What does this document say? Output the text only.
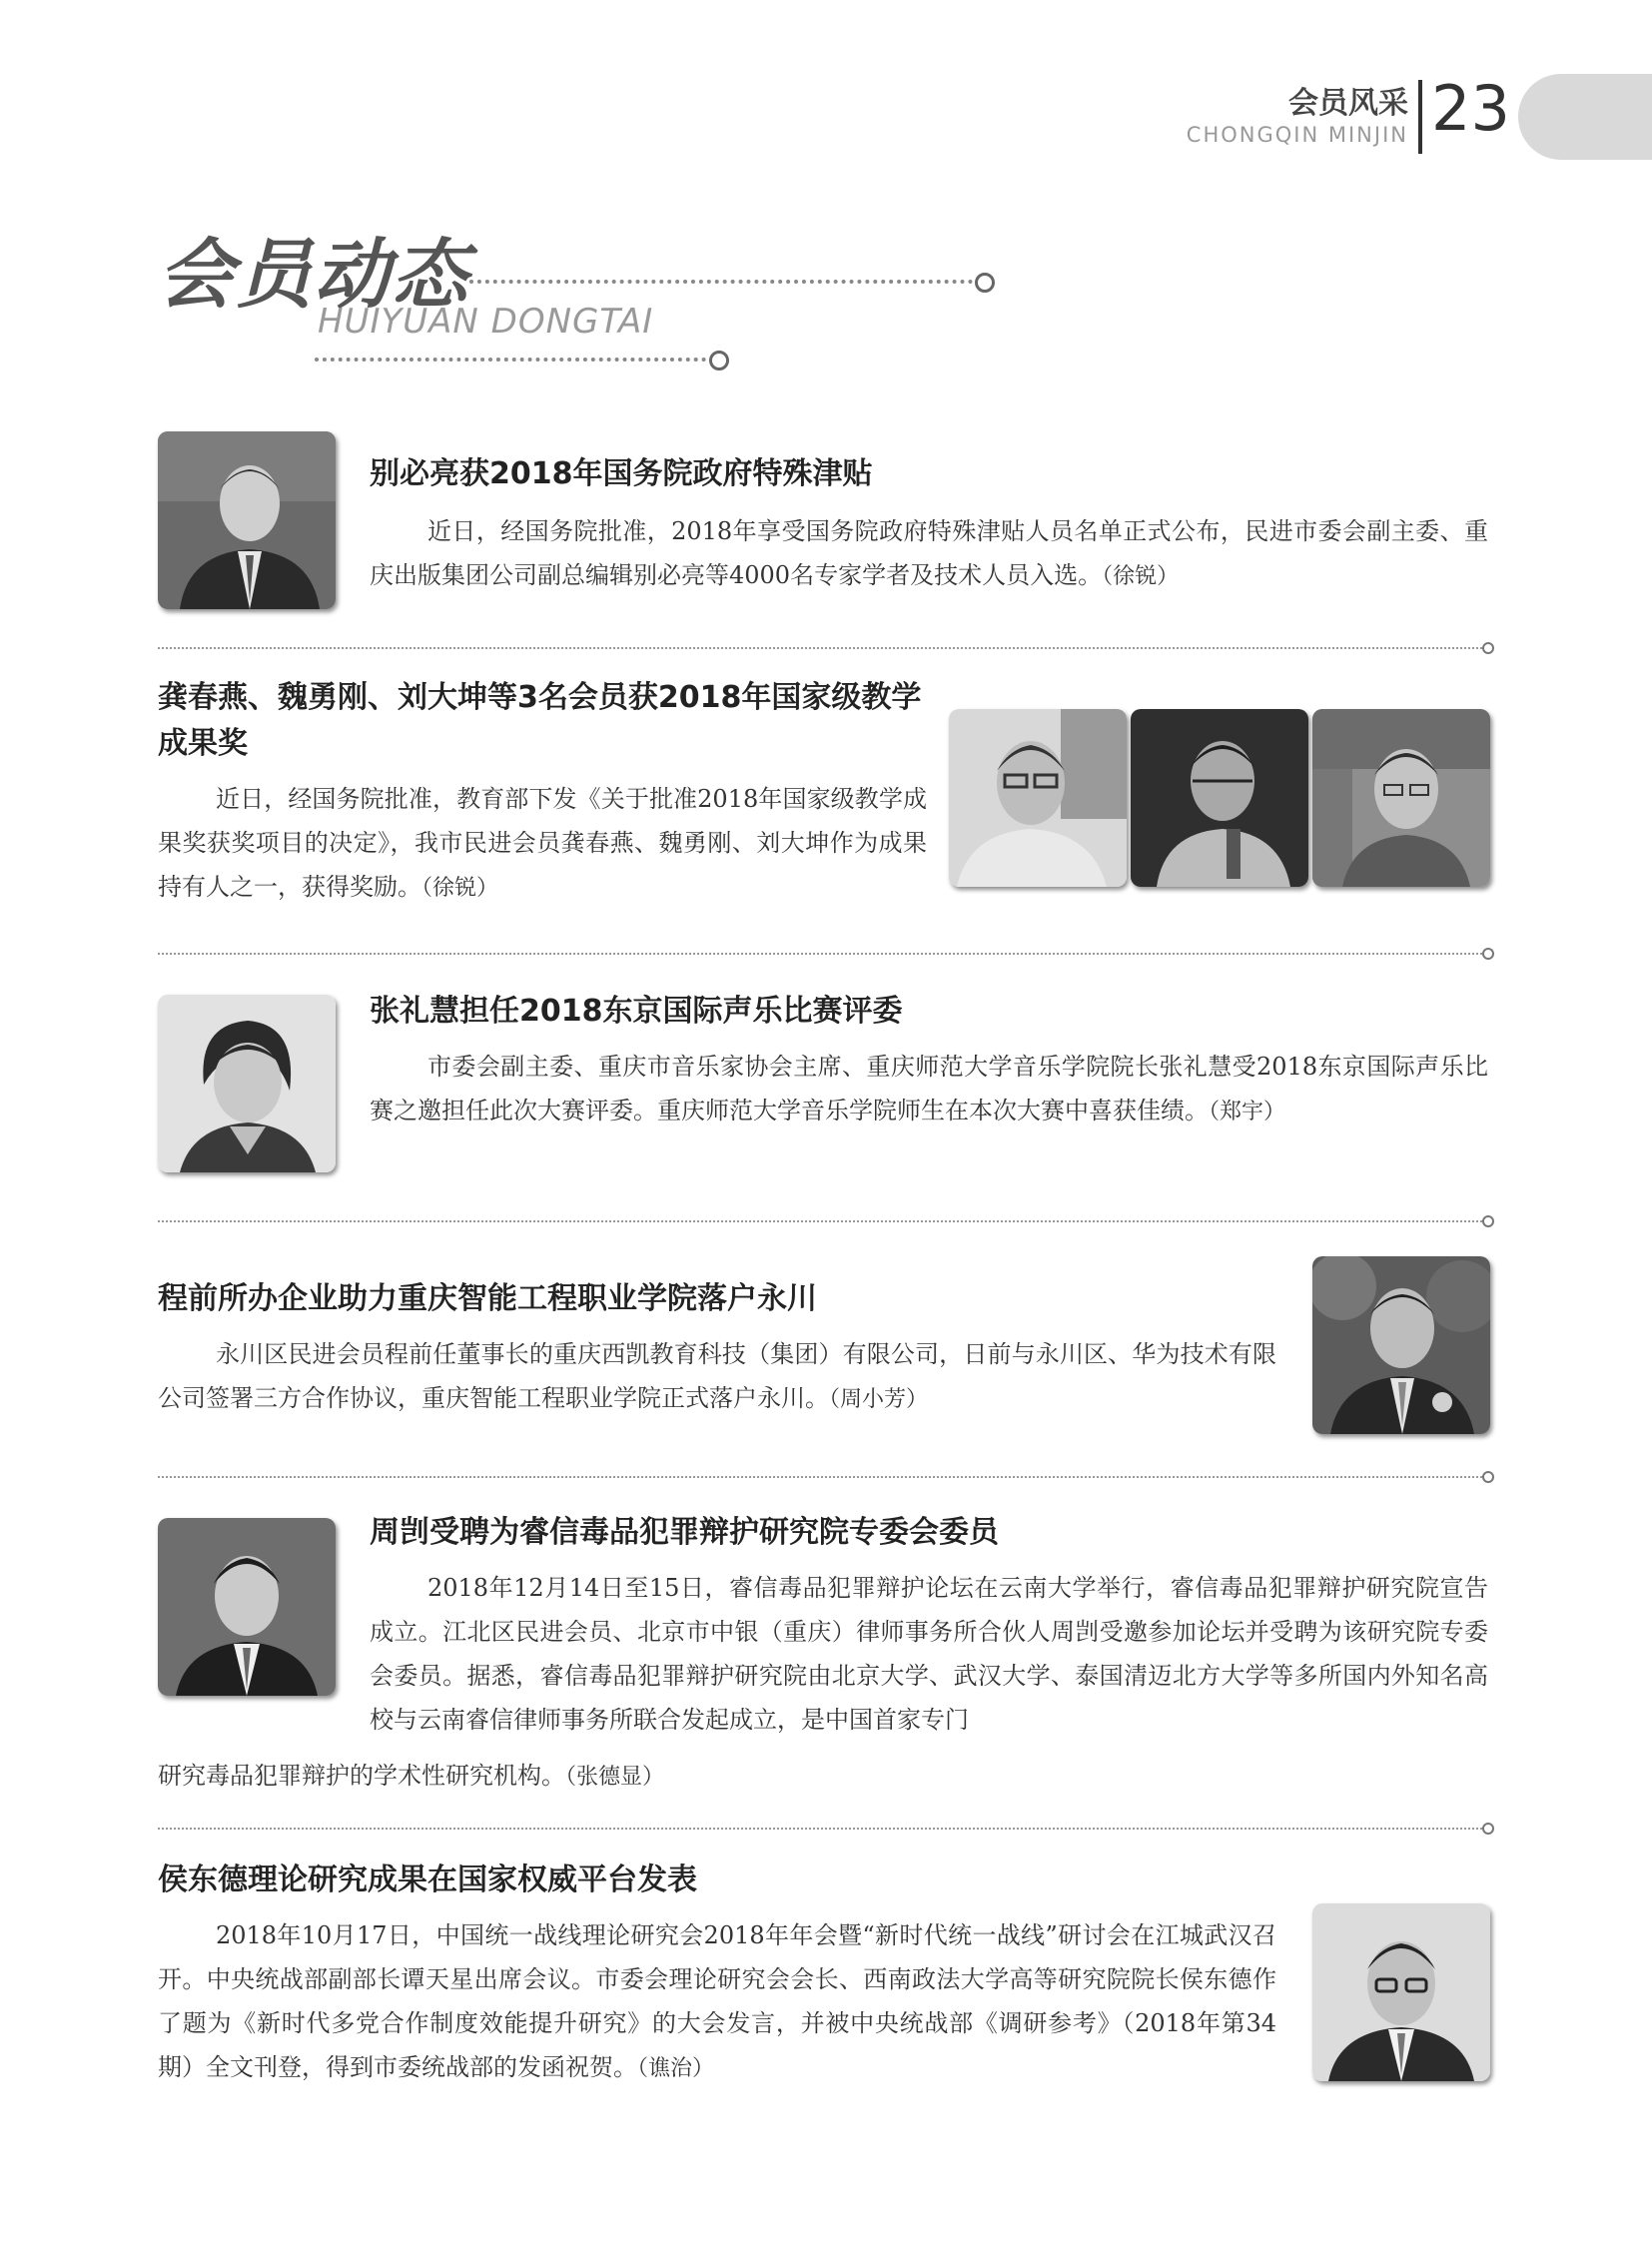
会员风采
CHONGQIN MINJIN 23
会员动态
HUIYUAN DONGTAI
别必亮获2018年国务院政府特殊津贴
近日，经国务院批准，2018年享受国务院政府特殊津贴人员名单正式公布，民进市委会副主委、重庆出版集团公司副总编辑别必亮等4000名专家学者及技术人员入选。（徐锐）
龚春燕、魏勇刚、刘大坤等3名会员获2018年国家级教学成果奖
近日，经国务院批准，教育部下发《关于批准2018年国家级教学成果奖获奖项目的决定》，我市民进会员龚春燕、魏勇刚、刘大坤作为成果持有人之一，获得奖励。（徐锐）
张礼慧担任2018东京国际声乐比赛评委
市委会副主委、重庆市音乐家协会主席、重庆师范大学音乐学院院长张礼慧受2018东京国际声乐比赛之邀担任此次大赛评委。重庆师范大学音乐学院师生在本次大赛中喜获佳绩。（郑宇）
程前所办企业助力重庆智能工程职业学院落户永川
永川区民进会员程前任董事长的重庆西凯教育科技（集团）有限公司，日前与永川区、华为技术有限公司签署三方合作协议，重庆智能工程职业学院正式落户永川。（周小芳）
周剀受聘为睿信毒品犯罪辩护研究院专委会委员
2018年12月14日至15日，睿信毒品犯罪辩护论坛在云南大学举行，睿信毒品犯罪辩护研究院宣告成立。江北区民进会员、北京市中银（重庆）律师事务所合伙人周剀受邀参加论坛并受聘为该研究院专委会委员。据悉，睿信毒品犯罪辩护研究院由北京大学、武汉大学、泰国清迈北方大学等多所国内外知名高校与云南睿信律师事务所联合发起成立，是中国首家专门
研究毒品犯罪辩护的学术性研究机构。（张德显）
侯东德理论研究成果在国家权威平台发表
2018年10月17日，中国统一战线理论研究会2018年年会暨“新时代统一战线”研讨会在江城武汉召开。中央统战部副部长谭天星出席会议。市委会理论研究会会长、西南政法大学高等研究院院长侯东德作了题为《新时代多党合作制度效能提升研究》的大会发言，并被中央统战部《调研参考》（2018年第34期）全文刊登，得到市委统战部的发函祝贺。（谯治）
